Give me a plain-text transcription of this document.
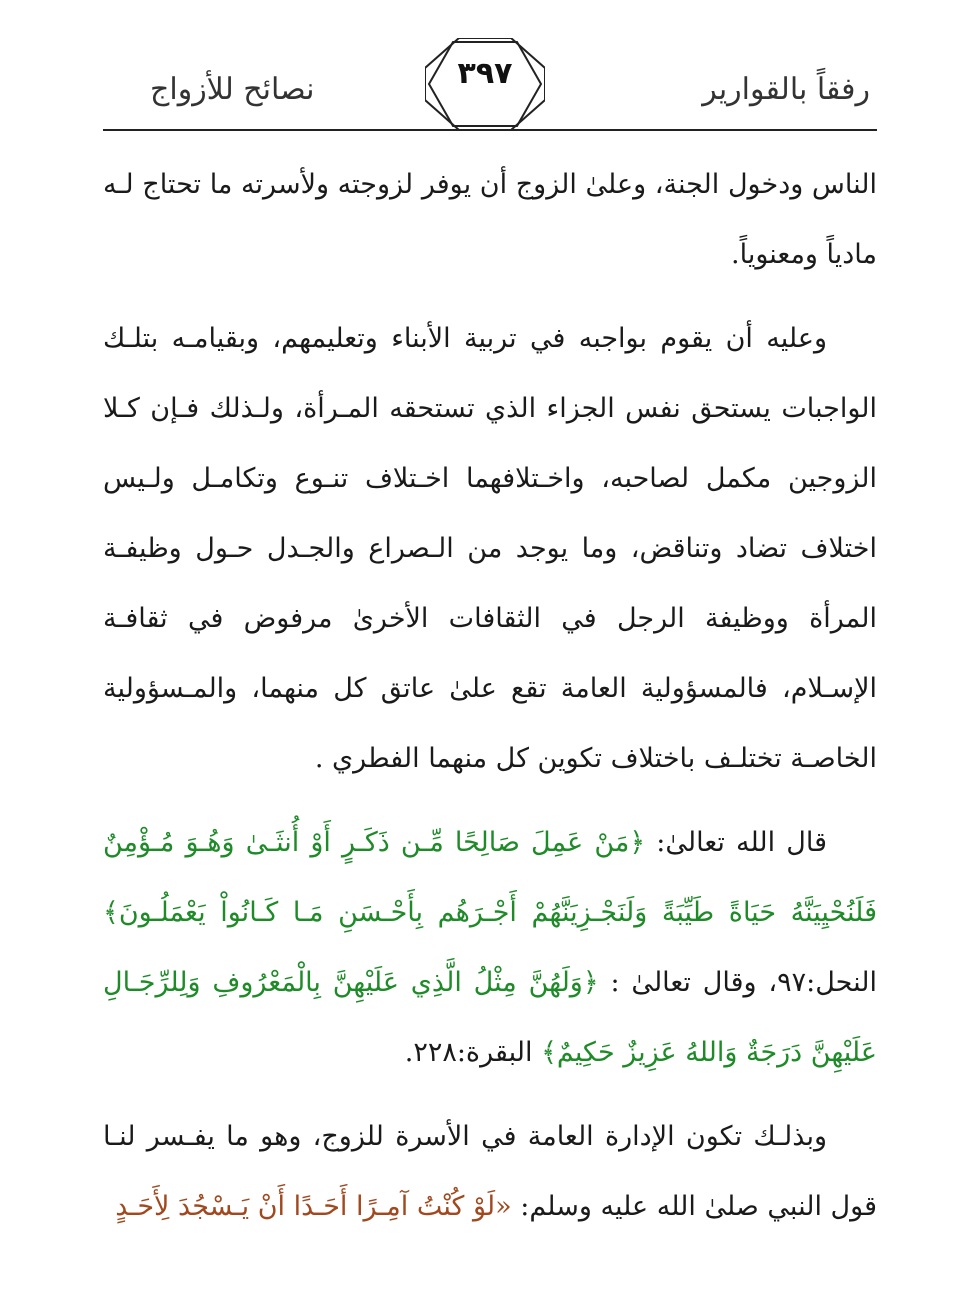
رفقاً بالقوارير
٣٩٧
نصائح للأزواج

الناس ودخول الجنة، وعلىٰ الزوج أن يوفر لزوجته ولأسرته ما تحتاج لـه مادياً ومعنوياً.

وعليه أن يقوم بواجبه في تربية الأبناء وتعليمهم، وبقيامـه بتلـك الواجبات يستحق نفس الجزاء الذي تستحقه المـرأة، ولـذلك فـإن كـلا الزوجين مكمل لصاحبه، واخـتلافهما اخـتلاف تنـوع وتكامـل ولـيس اختلاف تضاد وتناقض، وما يوجد من الـصراع والجـدل حـول وظيفـة المرأة ووظيفة الرجل في الثقافات الأخرىٰ مرفوض في ثقافـة الإسـلام، فالمسؤولية العامة تقع علىٰ عاتق كل منهما، والمـسؤولية الخاصـة تختلـف باختلاف تكوين كل منهما الفطري .

قال الله تعالىٰ: ﴿مَنْ عَمِلَ صَالِحًا مِّـن ذَكَـرٍ أَوْ أُنثَـىٰ وَهُـوَ مُـؤْمِنٌ فَلَنُحْيِيَنَّهُ حَيَاةً طَيِّبَةً وَلَنَجْـزِيَنَّهُمْ أَجْـرَهُم بِأَحْـسَنِ مَـا كَـانُواْ يَعْمَلُـونَ﴾ النحل:٩٧، وقال تعالىٰ : ﴿وَلَهُنَّ مِثْلُ الَّذِي عَلَيْهِنَّ بِالْمَعْرُوفِ وَلِلرِّجَـالِ عَلَيْهِنَّ دَرَجَةٌ وَاللهُ عَزِيزٌ حَكِيمٌ﴾ البقرة:٢٢٨.

وبذلـك تكون الإدارة العامة في الأسرة للزوج، وهو ما يفـسر لنـا قول النبي صلىٰ الله عليه وسلم: «لَوْ كُنْتُ آمِـرًا أَحَـدًا أَنْ يَـسْجُدَ لِأَحَـدٍ
